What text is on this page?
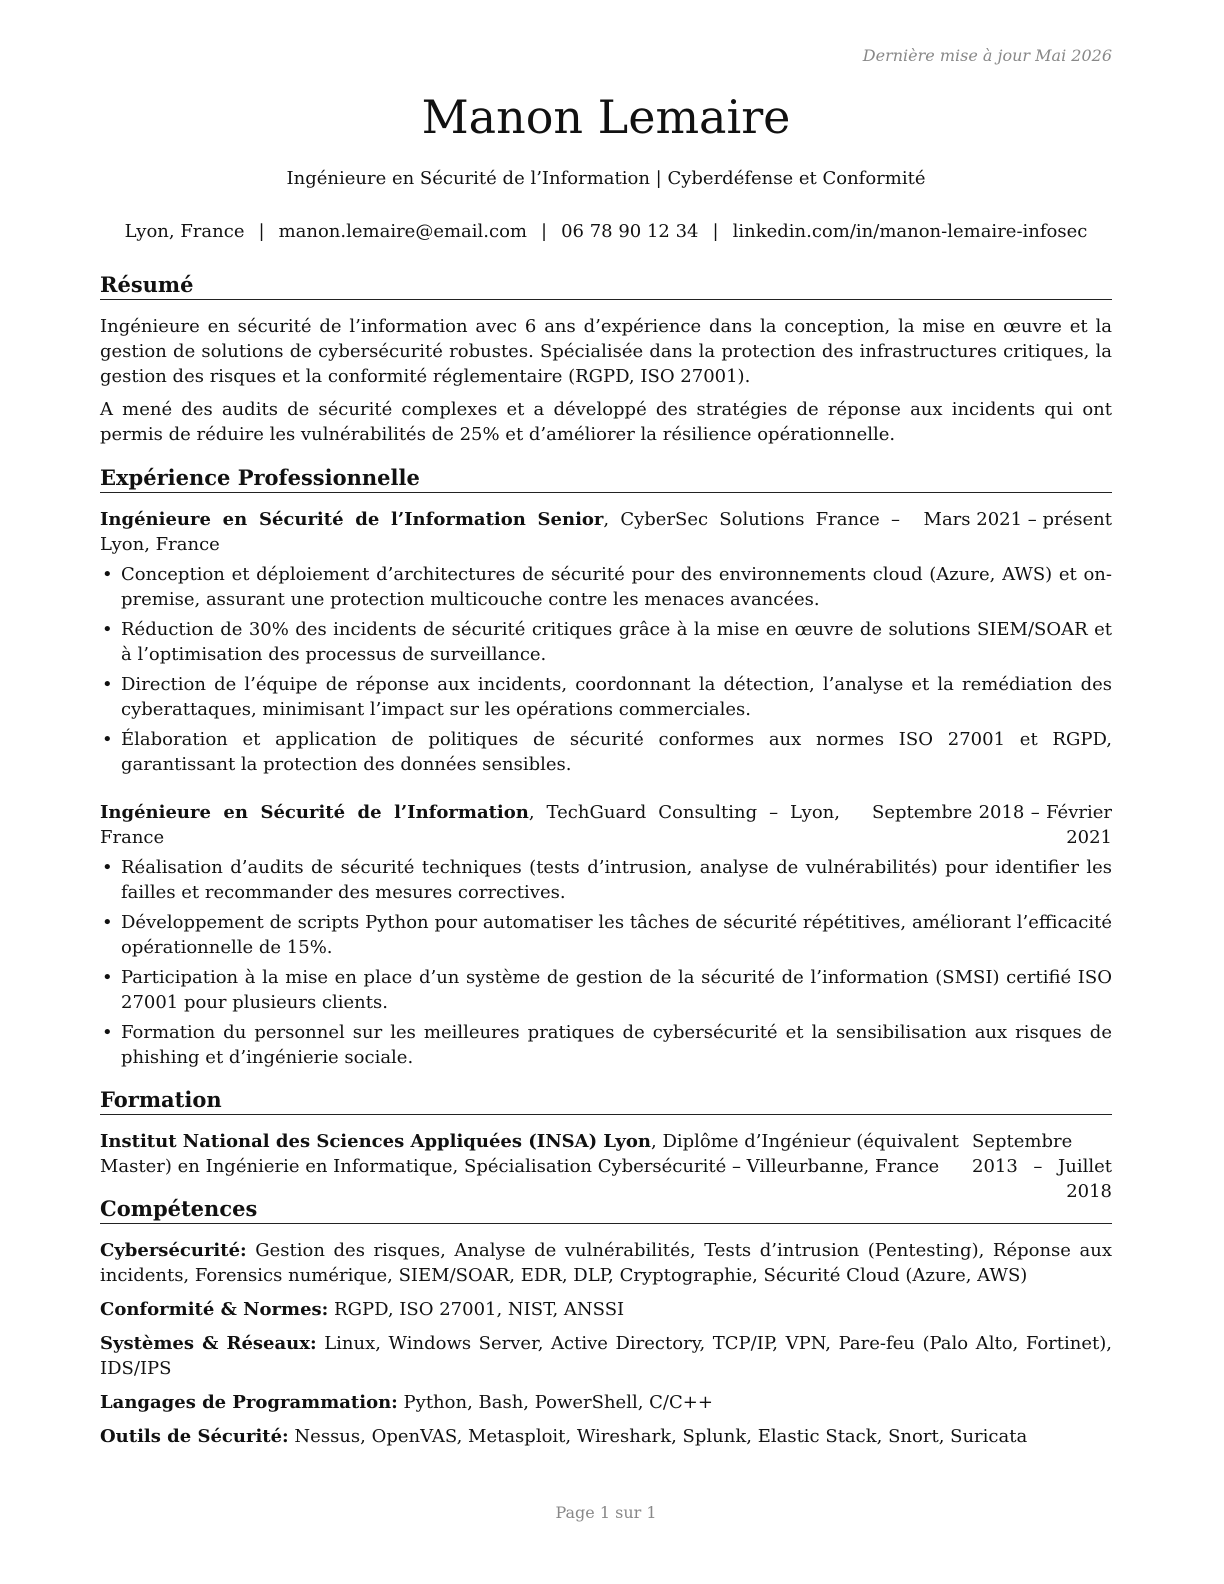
Dernière mise à jour Mai 2026
Manon Lemaire
Ingénieure en Sécurité de l’Information | Cyberdéfense et Conformité
Lyon, France | manon.lemaire@email.com | 06 78 90 12 34 | linkedin.com/in/manon-lemaire-infosec
Résumé

Ingénieure en sécurité de l’information avec 6 ans d’expérience dans la conception, la mise en œuvre et la gestion de solutions de cybersécurité robustes. Spécialisée dans la protection des infrastructures critiques, la gestion des risques et la conformité réglementaire (RGPD, ISO 27001).

A mené des audits de sécurité complexes et a développé des stratégies de réponse aux incidents qui ont permis de réduire les vulnérabilités de 25% et d’améliorer la résilience opérationnelle.

Expérience Professionnelle
Ingénieure en Sécurité de l’Information Senior, CyberSec Solutions France – Lyon, France
Mars 2021 – présent
• Conception et déploiement d’architectures de sécurité pour des environnements cloud (Azure, AWS) et on-premise, assurant une protection multicouche contre les menaces avancées.
• Réduction de 30% des incidents de sécurité critiques grâce à la mise en œuvre de solutions SIEM/SOAR et à l’optimisation des processus de surveillance.
• Direction de l’équipe de réponse aux incidents, coordonnant la détection, l’analyse et la remédiation des cyberattaques, minimisant l’impact sur les opérations commerciales.
• Élaboration et application de politiques de sécurité conformes aux normes ISO 27001 et RGPD, garantissant la protection des données sensibles.
Ingénieure en Sécurité de l’Information, TechGuard Consulting – Lyon, France
Septembre 2018 – Février 2021
• Réalisation d’audits de sécurité techniques (tests d’intrusion, analyse de vulnérabilités) pour identifier les failles et recommander des mesures correctives.
• Développement de scripts Python pour automatiser les tâches de sécurité répétitives, améliorant l’efficacité opérationnelle de 15%.
• Participation à la mise en place d’un système de gestion de la sécurité de l’information (SMSI) certifié ISO 27001 pour plusieurs clients.
• Formation du personnel sur les meilleures pratiques de cybersécurité et la sensibilisation aux risques de phishing et d’ingénierie sociale.
Formation
Institut National des Sciences Appliquées (INSA) Lyon, Diplôme d’Ingénieur (équivalent Master) en Ingénierie en Informatique, Spécialisation Cybersécurité – Villeurbanne, France
Septembre 2013 – Juillet 2018
Compétences

Cybersécurité: Gestion des risques, Analyse de vulnérabilités, Tests d’intrusion (Pentesting), Réponse aux incidents, Forensics numérique, SIEM/SOAR, EDR, DLP, Cryptographie, Sécurité Cloud (Azure, AWS)

Conformité & Normes: RGPD, ISO 27001, NIST, ANSSI

Systèmes & Réseaux: Linux, Windows Server, Active Directory, TCP/IP, VPN, Pare-feu (Palo Alto, Fortinet), IDS/IPS

Langages de Programmation: Python, Bash, PowerShell, C/C++

Outils de Sécurité: Nessus, OpenVAS, Metasploit, Wireshark, Splunk, Elastic Stack, Snort, Suricata

Page 1 sur 1
